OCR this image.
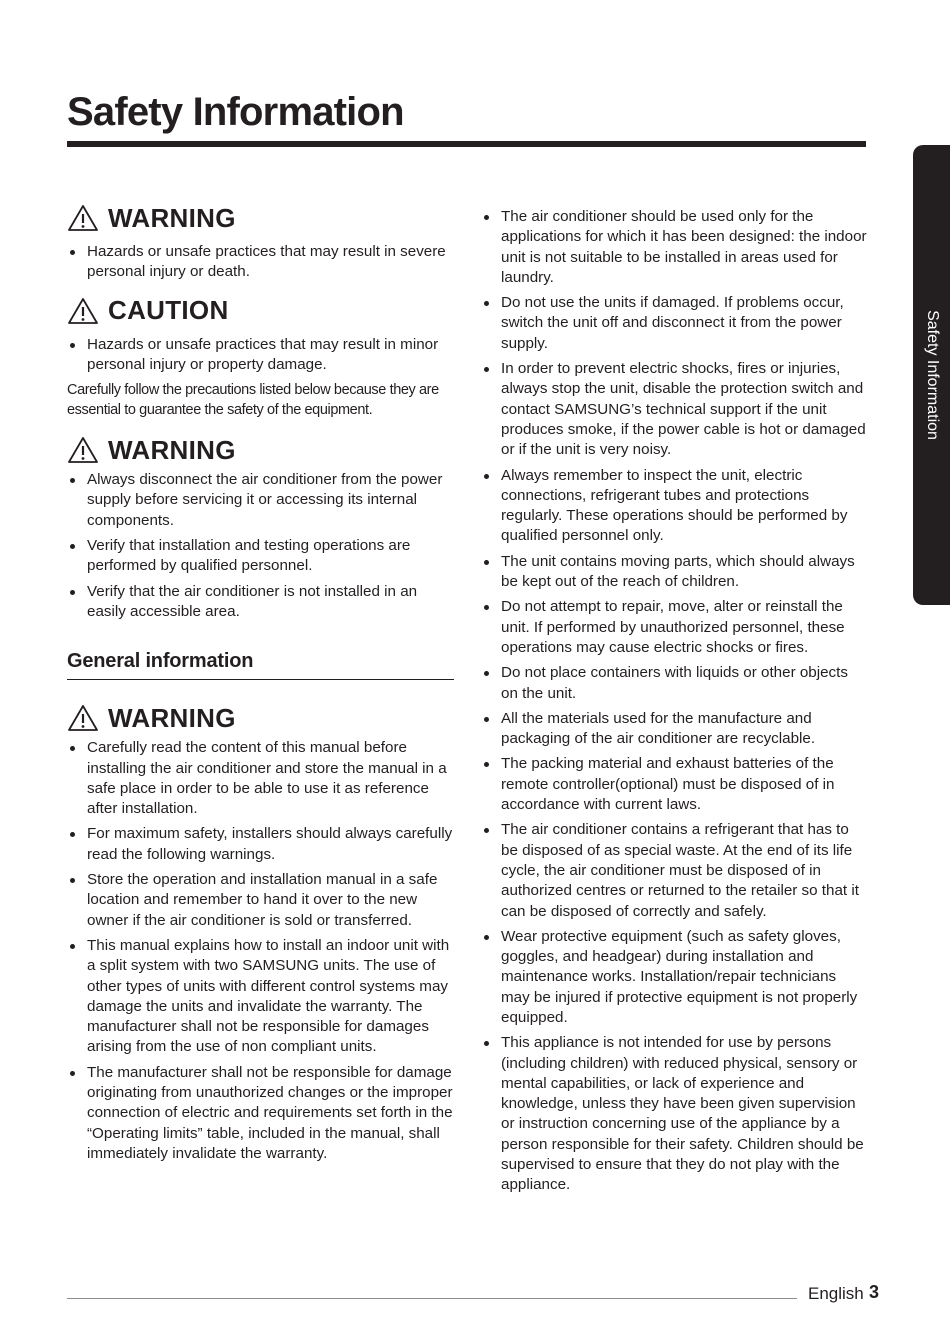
Safety Information
Safety Information
WARNING
Hazards or unsafe practices that may result in severe personal injury or death.
CAUTION
Hazards or unsafe practices that may result in minor personal injury or property damage.

Carefully follow the precautions listed below because they are essential to guarantee the safety of the equipment.

WARNING
Always disconnect the air conditioner from the power supply before servicing it or accessing its internal components.
Verify that installation and testing operations are performed by qualified personnel.
Verify that the air conditioner is not installed in an easily accessible area.
General information
WARNING
Carefully read the content of this manual before installing the air conditioner and store the manual in a safe place in order to be able to use it as reference after installation.
For maximum safety, installers should always carefully read the following warnings.
Store the operation and installation manual in a safe location and remember to hand it over to the new owner if the air conditioner is sold or transferred.
This manual explains how to install an indoor unit with a split system with two SAMSUNG units. The use of other types of units with different control systems may damage the units and invalidate the warranty. The manufacturer shall not be responsible for damages arising from the use of non compliant units.
The manufacturer shall not be responsible for damage originating from unauthorized changes or the improper connection of electric and requirements set forth in the “Operating limits” table, included in the manual, shall immediately invalidate the warranty.
The air conditioner should be used only for the applications for which it has been designed: the indoor unit is not suitable to be installed in areas used for laundry.
Do not use the units if damaged. If problems occur, switch the unit off and disconnect it from the power supply.
In order to prevent electric shocks, fires or injuries, always stop the unit, disable the protection switch and contact SAMSUNG’s technical support if the unit produces smoke, if the power cable is hot or damaged or if the unit is very noisy.
Always remember to inspect the unit, electric connections, refrigerant tubes and protections regularly. These operations should be performed by qualified personnel only.
The unit contains moving parts, which should always be kept out of the reach of children.
Do not attempt to repair, move, alter or reinstall the unit. If performed by unauthorized personnel, these operations may cause electric shocks or fires.
Do not place containers with liquids or other objects on the unit.
All the materials used for the manufacture and packaging of the air conditioner are recyclable.
The packing material and exhaust batteries of the remote controller(optional) must be disposed of in accordance with current laws.
The air conditioner contains a refrigerant that has to be disposed of as special waste. At the end of its life cycle, the air conditioner must be disposed of in authorized centres or returned to the retailer so that it can be disposed of correctly and safely.
Wear protective equipment (such as safety gloves, goggles, and headgear) during installation and maintenance works. Installation/repair technicians may be injured if protective equipment is not properly equipped.
This appliance is not intended for use by persons (including children) with reduced physical, sensory or mental capabilities, or lack of experience and knowledge, unless they have been given supervision or instruction concerning use of the appliance by a person responsible for their safety. Children should be supervised to ensure that they do not play with the appliance.
English 3
